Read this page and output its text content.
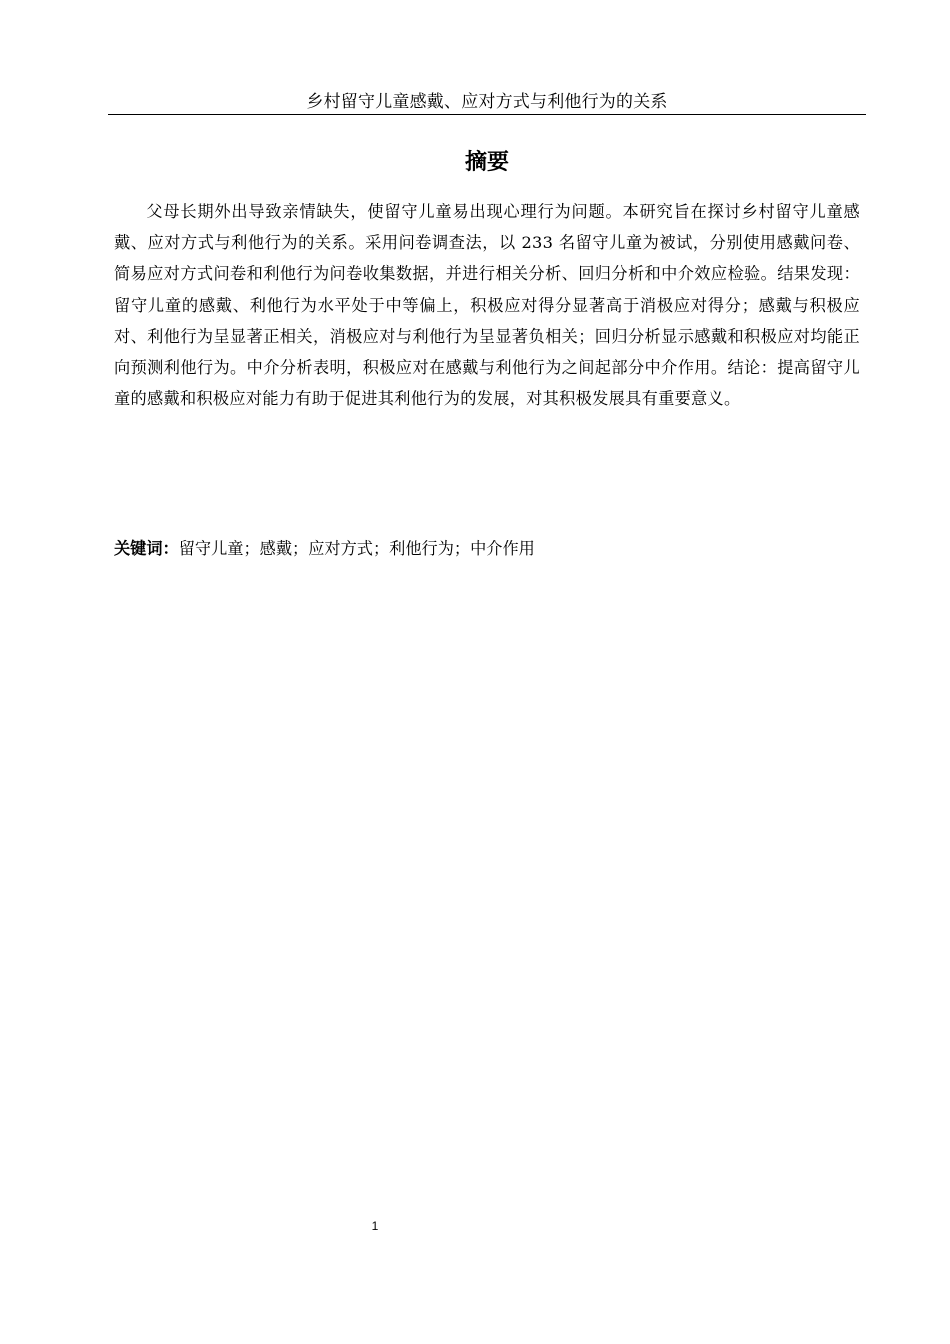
乡村留守儿童感戴、应对方式与利他行为的关系
摘要

父母长期外出导致亲情缺失，使留守儿童易出现心理行为问题。本研究旨在探讨乡村留守儿童感戴、应对方式与利他行为的关系。采用问卷调查法，以 233 名留守儿童为被试，分别使用感戴问卷、简易应对方式问卷和利他行为问卷收集数据，并进行相关分析、回归分析和中介效应检验。结果发现：留守儿童的感戴、利他行为水平处于中等偏上，积极应对得分显著高于消极应对得分；感戴与积极应对、利他行为呈显著正相关，消极应对与利他行为呈显著负相关；回归分析显示感戴和积极应对均能正向预测利他行为。中介分析表明，积极应对在感戴与利他行为之间起部分中介作用。结论：提高留守儿童的感戴和积极应对能力有助于促进其利他行为的发展，对其积极发展具有重要意义。

关键词：留守儿童；感戴；应对方式；利他行为；中介作用
1
